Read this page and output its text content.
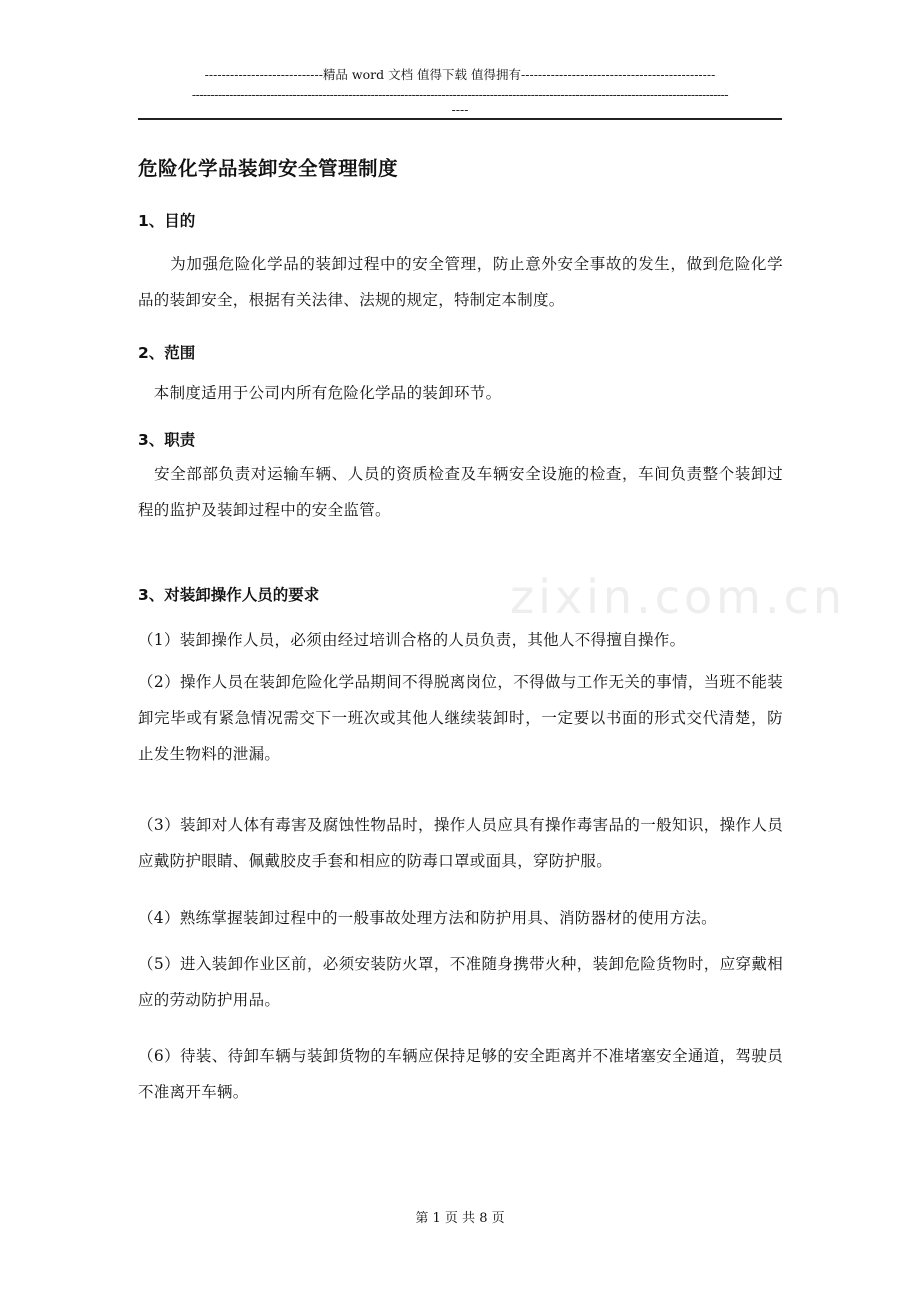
----------------------------精品 word 文档 值得下载 值得拥有----------------------------------------------
------------------------------------------------------------------------------------------------------------------------------------------------
----
zixin.com.cn
危险化学品装卸安全管理制度
1、目的
　　为加强危险化学品的装卸过程中的安全管理，防止意外安全事故的发生，做到危险化学品的装卸安全，根据有关法律、法规的规定，特制定本制度。
2、范围
　本制度适用于公司内所有危险化学品的装卸环节。
3、职责
　安全部部负责对运输车辆、人员的资质检查及车辆安全设施的检查，车间负责整个装卸过程的监护及装卸过程中的安全监管。
3、对装卸操作人员的要求
（1）装卸操作人员，必须由经过培训合格的人员负责，其他人不得擅自操作。
（2）操作人员在装卸危险化学品期间不得脱离岗位，不得做与工作无关的事情，当班不能装卸完毕或有紧急情况需交下一班次或其他人继续装卸时，一定要以书面的形式交代清楚，防止发生物料的泄漏。
（3）装卸对人体有毒害及腐蚀性物品时，操作人员应具有操作毒害品的一般知识，操作人员应戴防护眼睛、佩戴胶皮手套和相应的防毒口罩或面具，穿防护服。
（4）熟练掌握装卸过程中的一般事故处理方法和防护用具、消防器材的使用方法。
（5）进入装卸作业区前，必须安装防火罩，不准随身携带火种，装卸危险货物时，应穿戴相应的劳动防护用品。
（6）待装、待卸车辆与装卸货物的车辆应保持足够的安全距离并不准堵塞安全通道，驾驶员不准离开车辆。
第 1 页 共 8 页
